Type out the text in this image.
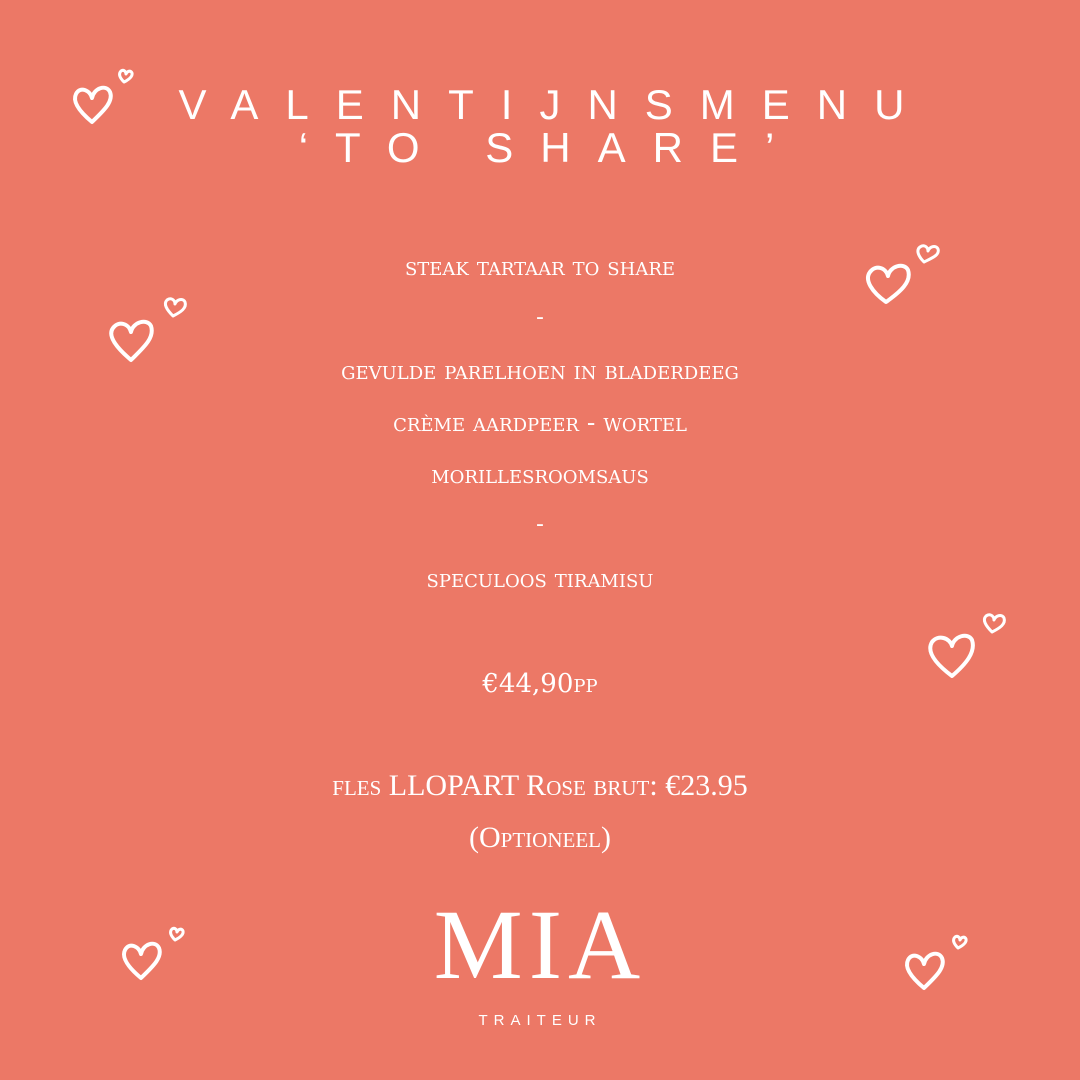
VALENTIJNSMENU
‘TO SHARE’
steak tartaar to share
-
gevulde parelhoen in bladerdeeg
crème aardpeer - wortel
morillesroomsaus
-
speculoos tiramisu
€44,90pp
fles LLOPART Rose brut: €23.95
(Optioneel)
MIA
TRAITEUR
